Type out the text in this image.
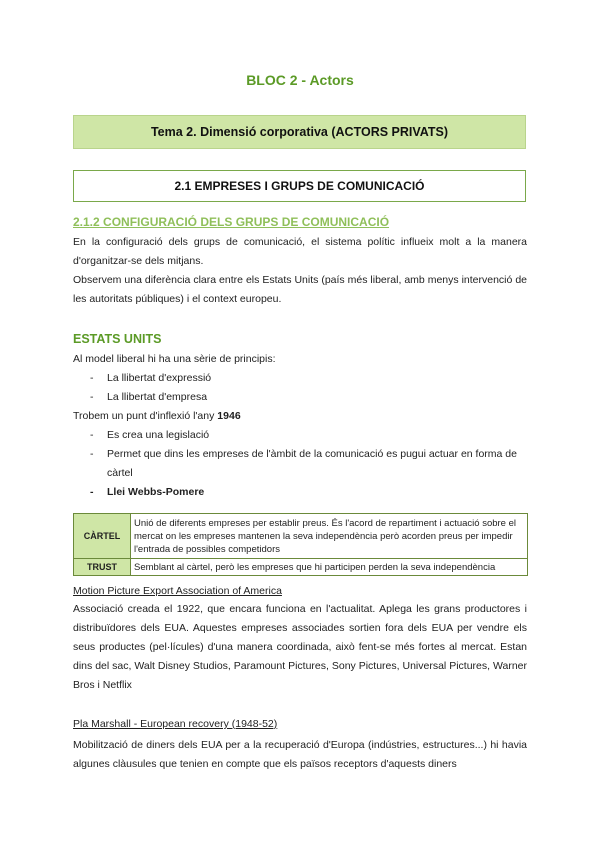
BLOC 2 - Actors
Tema 2. Dimensió corporativa (ACTORS PRIVATS)
2.1 EMPRESES I GRUPS DE COMUNICACIÓ
2.1.2 CONFIGURACIÓ DELS GRUPS DE COMUNICACIÓ
En la configuració dels grups de comunicació, el sistema polític influeix molt a la manera d'organitzar-se dels mitjans.
Observem una diferència clara entre els Estats Units (país més liberal, amb menys intervenció de les autoritats públiques) i el context europeu.
ESTATS UNITS
Al model liberal hi ha una sèrie de principis:
- La llibertat d'expressió
- La llibertat d'empresa
Trobem un punt d'inflexió l'any 1946
- Es crea una legislació
- Permet que dins les empreses de l'àmbit de la comunicació es pugui actuar en forma de càrtel
- Llei Webbs-Pomere
CÀRTEL	Unió de diferents empreses per establir preus. És l'acord de repartiment i actuació sobre el mercat on les empreses mantenen la seva independència però acorden preus per impedir l'entrada de possibles competidors
TRUST	Semblant al càrtel, però les empreses que hi participen perden la seva independència
Motion Picture Export Association of America
Associació creada el 1922, que encara funciona en l'actualitat. Aplega les grans productores i distribuïdores dels EUA. Aquestes empreses associades sortien fora dels EUA per vendre els seus productes (pel·lícules) d'una manera coordinada, això fent-se més fortes al mercat. Estan dins del sac, Walt Disney Studios, Paramount Pictures, Sony Pictures, Universal Pictures, Warner Bros i Netflix
Pla Marshall - European recovery (1948-52)
Mobilització de diners dels EUA per a la recuperació d'Europa (indústries, estructures...) hi havia algunes clàusules que tenien en compte que els països receptors d'aquests diners
